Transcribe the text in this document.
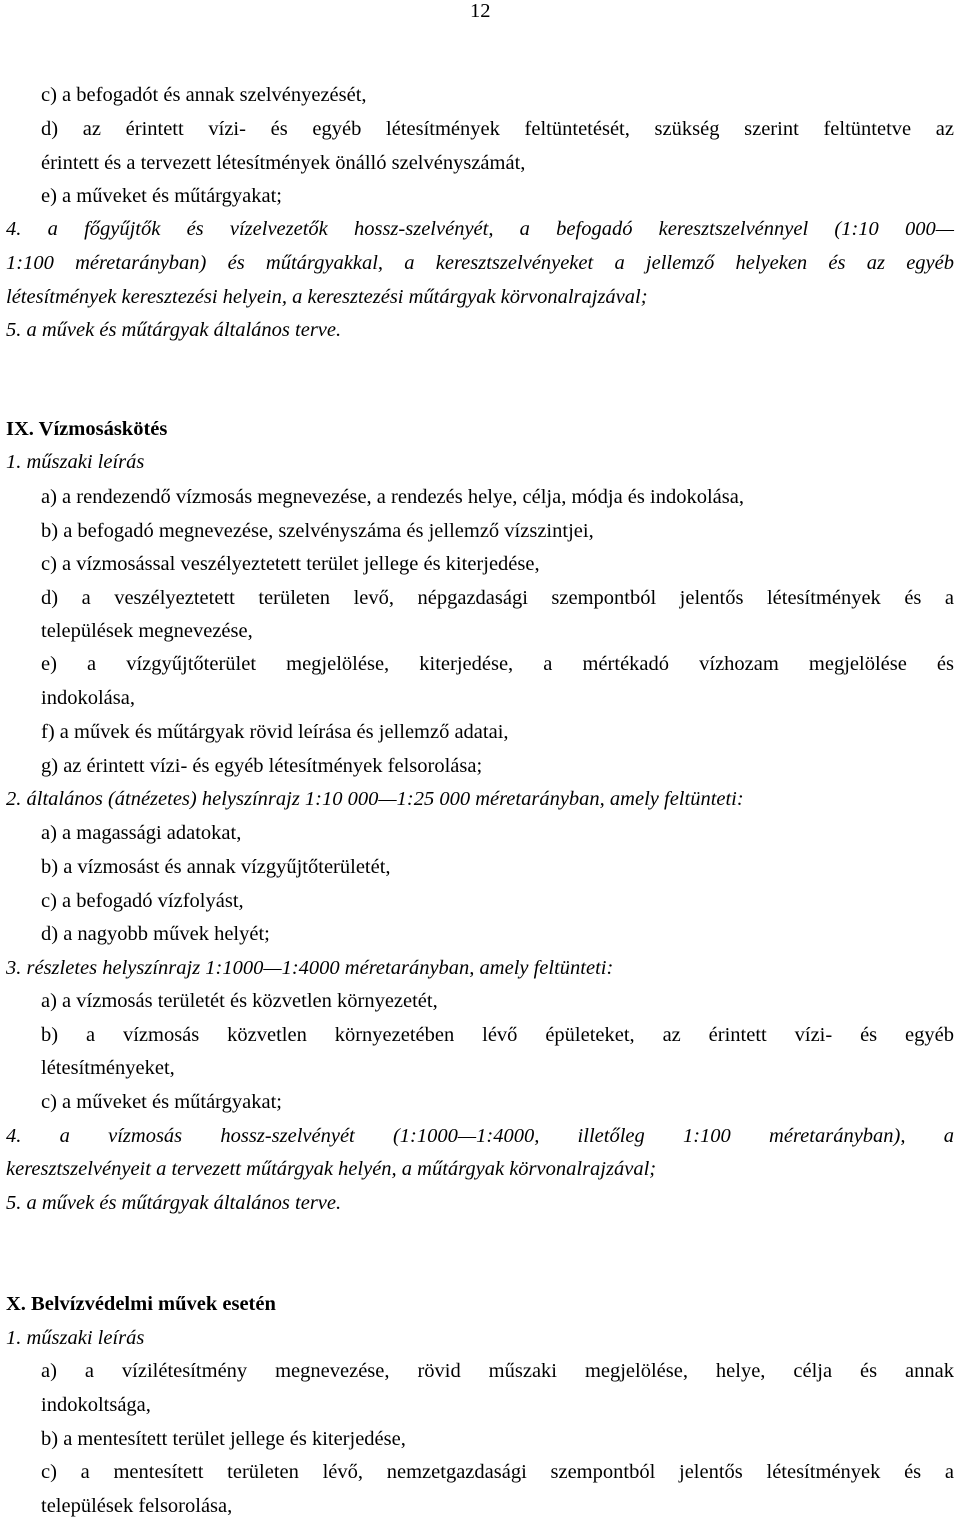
12
c) a befogadót és annak szelvényezését,
d) az érintett vízi- és egyéb létesítmények feltüntetését, szükség szerint feltüntetve az
érintett és a tervezett létesítmények önálló szelvényszámát,
e) a műveket és műtárgyakat;
4. a főgyűjtők és vízelvezetők hossz-szelvényét, a befogadó keresztszelvénnyel (1:10 000—
1:100 méretarányban) és műtárgyakkal, a keresztszelvényeket a jellemző helyeken és az egyéb
létesítmények keresztezési helyein, a keresztezési műtárgyak körvonalrajzával;
5. a művek és műtárgyak általános terve.
IX. Vízmosáskötés
1. műszaki leírás
a) a rendezendő vízmosás megnevezése, a rendezés helye, célja, módja és indokolása,
b) a befogadó megnevezése, szelvényszáma és jellemző vízszintjei,
c) a vízmosással veszélyeztetett terület jellege és kiterjedése,
d) a veszélyeztetett területen levő, népgazdasági szempontból jelentős létesítmények és a
települések megnevezése,
e) a vízgyűjtőterület megjelölése, kiterjedése, a mértékadó vízhozam megjelölése és
indokolása,
f) a művek és műtárgyak rövid leírása és jellemző adatai,
g) az érintett vízi- és egyéb létesítmények felsorolása;
2. általános (átnézetes) helyszínrajz 1:10 000—1:25 000 méretarányban, amely feltünteti:
a) a magassági adatokat,
b) a vízmosást és annak vízgyűjtőterületét,
c) a befogadó vízfolyást,
d) a nagyobb művek helyét;
3. részletes helyszínrajz 1:1000—1:4000 méretarányban, amely feltünteti:
a) a vízmosás területét és közvetlen környezetét,
b) a vízmosás közvetlen környezetében lévő épületeket, az érintett vízi- és egyéb
létesítményeket,
c) a műveket és műtárgyakat;
4. a vízmosás hossz-szelvényét (1:1000—1:4000, illetőleg 1:100 méretarányban), a
keresztszelvényeit a tervezett műtárgyak helyén, a műtárgyak körvonalrajzával;
5. a művek és műtárgyak általános terve.
X. Belvízvédelmi művek esetén
1. műszaki leírás
a) a vízilétesítmény megnevezése, rövid műszaki megjelölése, helye, célja és annak
indokoltsága,
b) a mentesített terület jellege és kiterjedése,
c) a mentesített területen lévő, nemzetgazdasági szempontból jelentős létesítmények és a
települések felsorolása,
